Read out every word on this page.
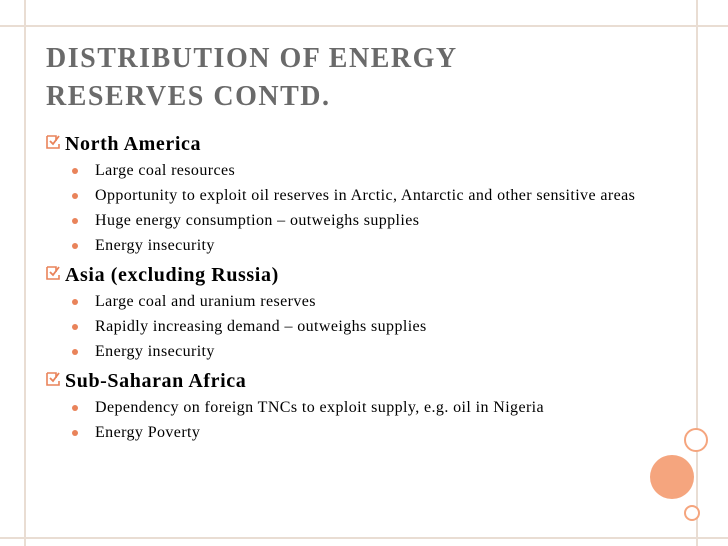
DISTRIBUTION OF ENERGY
RESERVES CONTD.
North America
Large coal resources
Opportunity to exploit oil reserves in Arctic, Antarctic and other sensitive areas
Huge energy consumption – outweighs supplies
Energy insecurity
Asia (excluding Russia)
Large coal and uranium reserves
Rapidly increasing demand – outweighs supplies
Energy insecurity
Sub-Saharan Africa
Dependency on foreign TNCs to exploit supply, e.g. oil in Nigeria
Energy Poverty
